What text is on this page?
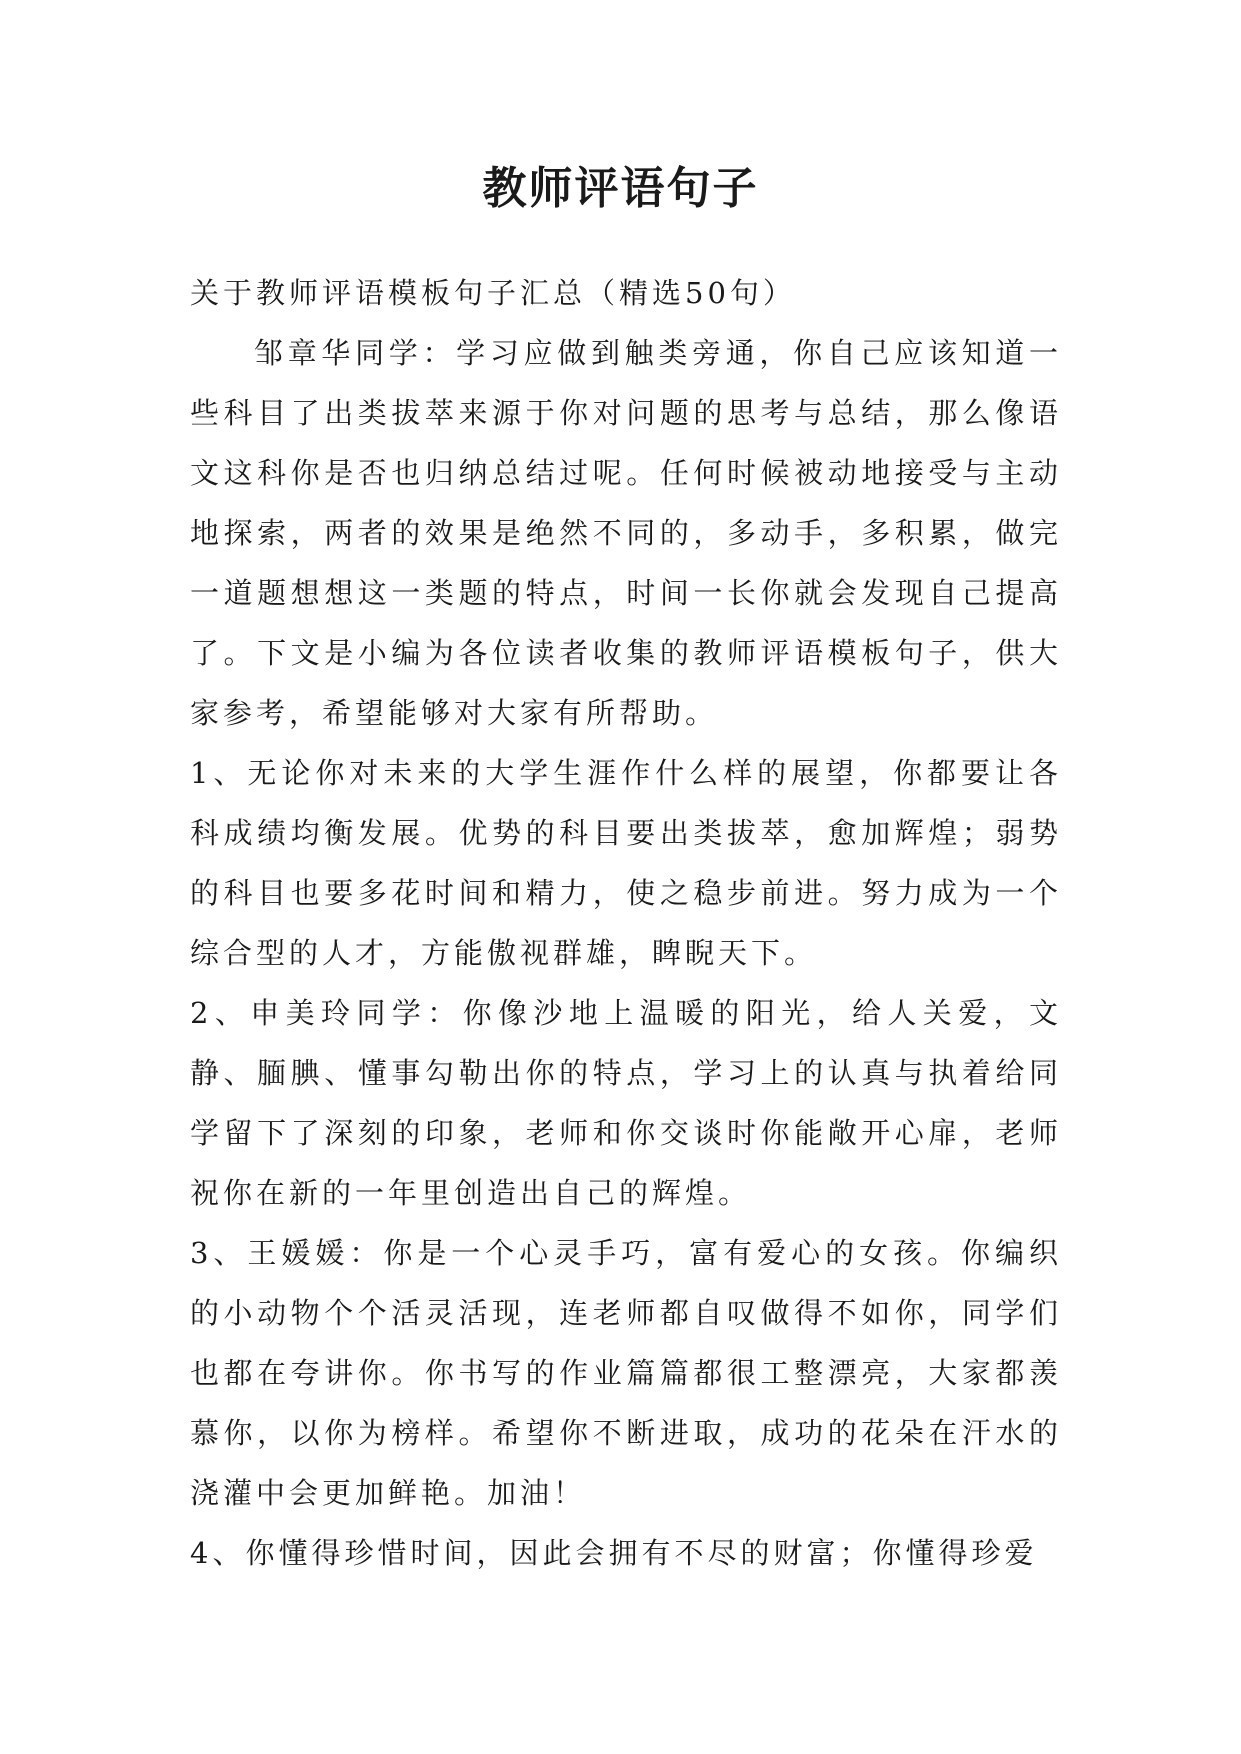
教师评语句子

关于教师评语模板句子汇总（精选50句）

邹章华同学：学习应做到触类旁通，你自己应该知道一些科目了出类拔萃来源于你对问题的思考与总结，那么像语文这科你是否也归纳总结过呢。任何时候被动地接受与主动地探索，两者的效果是绝然不同的，多动手，多积累，做完一道题想想这一类题的特点，时间一长你就会发现自己提高了。下文是小编为各位读者收集的教师评语模板句子，供大家参考，希望能够对大家有所帮助。

1、无论你对未来的大学生涯作什么样的展望，你都要让各科成绩均衡发展。优势的科目要出类拔萃，愈加辉煌；弱势的科目也要多花时间和精力，使之稳步前进。努力成为一个综合型的人才，方能傲视群雄，睥睨天下。

2、申美玲同学：你像沙地上温暖的阳光，给人关爱，文静、腼腆、懂事勾勒出你的特点，学习上的认真与执着给同学留下了深刻的印象，老师和你交谈时你能敞开心扉，老师祝你在新的一年里创造出自己的辉煌。

3、王媛媛：你是一个心灵手巧，富有爱心的女孩。你编织的小动物个个活灵活现，连老师都自叹做得不如你，同学们也都在夸讲你。你书写的作业篇篇都很工整漂亮，大家都羡慕你，以你为榜样。希望你不断进取，成功的花朵在汗水的浇灌中会更加鲜艳。加油！

4、你懂得珍惜时间，因此会拥有不尽的财富；你懂得珍爱
